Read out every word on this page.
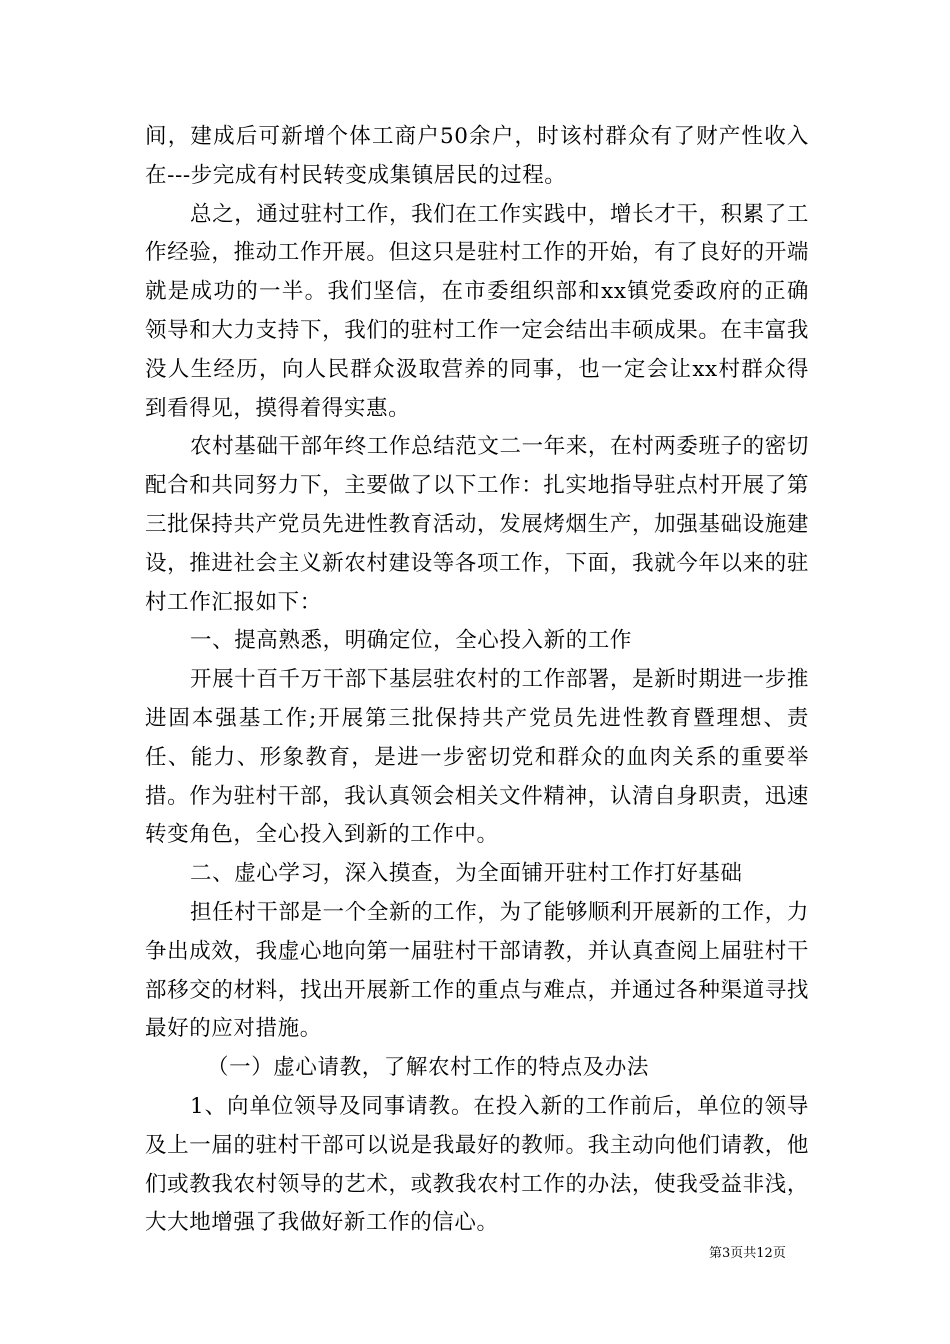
间，建成后可新增个体工商户50余户，时该村群众有了财产性收入在---步完成有村民转变成集镇居民的过程。

总之，通过驻村工作，我们在工作实践中，增长才干，积累了工作经验，推动工作开展。但这只是驻村工作的开始，有了良好的开端就是成功的一半。我们坚信，在市委组织部和xx镇党委政府的正确领导和大力支持下，我们的驻村工作一定会结出丰硕成果。在丰富我没人生经历，向人民群众汲取营养的同事，也一定会让xx村群众得到看得见，摸得着得实惠。

农村基础干部年终工作总结范文二一年来，在村两委班子的密切配合和共同努力下，主要做了以下工作：扎实地指导驻点村开展了第三批保持共产党员先进性教育活动，发展烤烟生产，加强基础设施建设，推进社会主义新农村建设等各项工作，下面，我就今年以来的驻村工作汇报如下：

一、提高熟悉，明确定位，全心投入新的工作

开展十百千万干部下基层驻农村的工作部署，是新时期进一步推进固本强基工作;开展第三批保持共产党员先进性教育暨理想、责任、能力、形象教育，是进一步密切党和群众的血肉关系的重要举措。作为驻村干部，我认真领会相关文件精神，认清自身职责，迅速转变角色，全心投入到新的工作中。

二、虚心学习，深入摸查，为全面铺开驻村工作打好基础

担任村干部是一个全新的工作，为了能够顺利开展新的工作，力争出成效，我虚心地向第一届驻村干部请教，并认真查阅上届驻村干部移交的材料，找出开展新工作的重点与难点，并通过各种渠道寻找最好的应对措施。

（一）虚心请教，了解农村工作的特点及办法

1、向单位领导及同事请教。在投入新的工作前后，单位的领导及上一届的驻村干部可以说是我最好的教师。我主动向他们请教，他们或教我农村领导的艺术，或教我农村工作的办法，使我受益非浅，大大地增强了我做好新工作的信心。

第3页共12页
